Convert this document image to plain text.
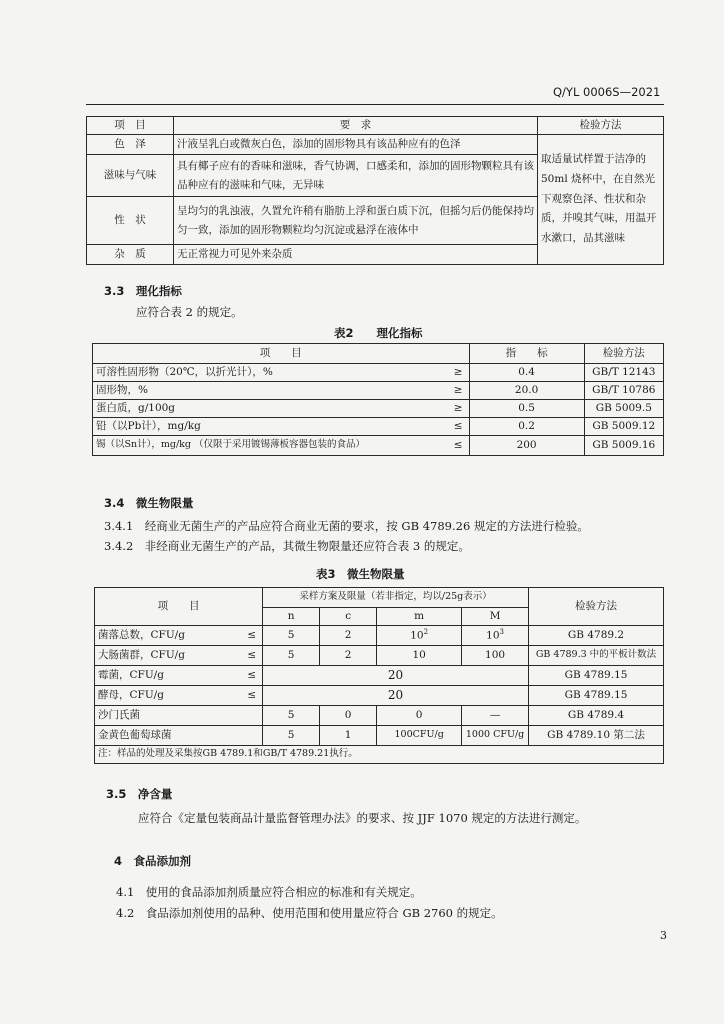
Q/YL 0006S—2021
项　目	要　求	检验方法
色　泽	汁液呈乳白或微灰白色，添加的固形物具有该品种应有的色泽	取适量试样置于洁净的50ml 烧杯中，在自然光下观察色泽、性状和杂质，并嗅其气味，用温开水漱口，品其滋味
滋味与气味	具有椰子应有的香味和滋味，香气协调，口感柔和，添加的固形物颗粒具有该品种应有的滋味和气味，无异味	
性　状	呈均匀的乳浊液，久置允许稍有脂肪上浮和蛋白质下沉，但摇匀后仍能保持均匀一致，添加的固形物颗粒均匀沉淀或悬浮在液体中	
杂　质	无正常视力可见外来杂质	
3.3　理化指标
应符合表 2 的规定。
表2　　理化指标
项　　目		指　　标	检验方法
可溶性固形物（20℃，以折光计），%	≥	0.4	GB/T 12143
固形物，%	≥	20.0	GB/T 10786
蛋白质，g/100g	≥	0.5	GB 5009.5
铅（以Pb计），mg/kg	≤	0.2	GB 5009.12
锡（以Sn计），mg/kg （仅限于采用镀锡薄板容器包装的食品）	≤	200	GB 5009.16
3.4　微生物限量
3.4.1　经商业无菌生产的产品应符合商业无菌的要求，按 GB 4789.26 规定的方法进行检验。
3.4.2　非经商业无菌生产的产品，其微生物限量还应符合表 3 的规定。
表3　微生物限量
项　　目		采样方案及限量（若非指定，均以/25g表示）				检验方法
		n	c	m	M	
菌落总数，CFU/g	≤	5	2	$10^2$	$10^3$	GB 4789.2
大肠菌群，CFU/g	≤	5	2	10	100	GB 4789.3 中的平板计数法
霉菌，CFU/g	≤	20				GB 4789.15
酵母，CFU/g	≤	20				GB 4789.15
沙门氏菌		5	0	0	—	GB 4789.4
金黄色葡萄球菌		5	1	100CFU/g	1000 CFU/g	GB 4789.10 第二法
注：样品的处理及采集按GB 4789.1和GB/T 4789.21执行。						
3.5　净含量
应符合《定量包装商品计量监督管理办法》的要求、按 JJF 1070 规定的方法进行测定。
4　食品添加剂
4.1　使用的食品添加剂质量应符合相应的标准和有关规定。
4.2　食品添加剂使用的品种、使用范围和使用量应符合 GB 2760 的规定。
3
